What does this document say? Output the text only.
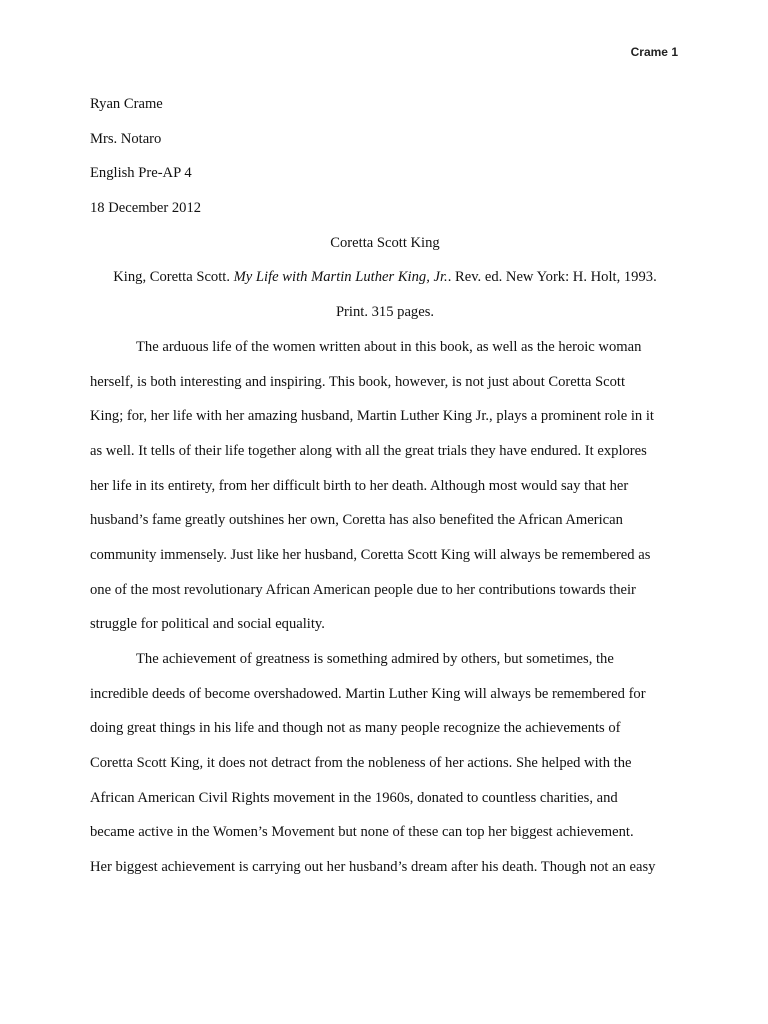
Crame 1
Ryan Crame
Mrs. Notaro
English Pre-AP 4
18 December 2012
Coretta Scott King
King, Coretta Scott. My Life with Martin Luther King, Jr.. Rev. ed. New York: H. Holt, 1993.
Print. 315 pages.
The arduous life of the women written about in this book, as well as the heroic woman
herself, is both interesting and inspiring. This book, however, is not just about Coretta Scott
King; for, her life with her amazing husband, Martin Luther King Jr., plays a prominent role in it
as well. It tells of their life together along with all the great trials they have endured. It explores
her life in its entirety, from her difficult birth to her death. Although most would say that her
husband’s fame greatly outshines her own, Coretta has also benefited the African American
community immensely. Just like her husband, Coretta Scott King will always be remembered as
one of the most revolutionary African American people due to her contributions towards their
struggle for political and social equality.
The achievement of greatness is something admired by others, but sometimes, the
incredible deeds of become overshadowed. Martin Luther King will always be remembered for
doing great things in his life and though not as many people recognize the achievements of
Coretta Scott King, it does not detract from the nobleness of her actions. She helped with the
African American Civil Rights movement in the 1960s, donated to countless charities, and
became active in the Women’s Movement but none of these can top her biggest achievement.
Her biggest achievement is carrying out her husband’s dream after his death. Though not an easy
